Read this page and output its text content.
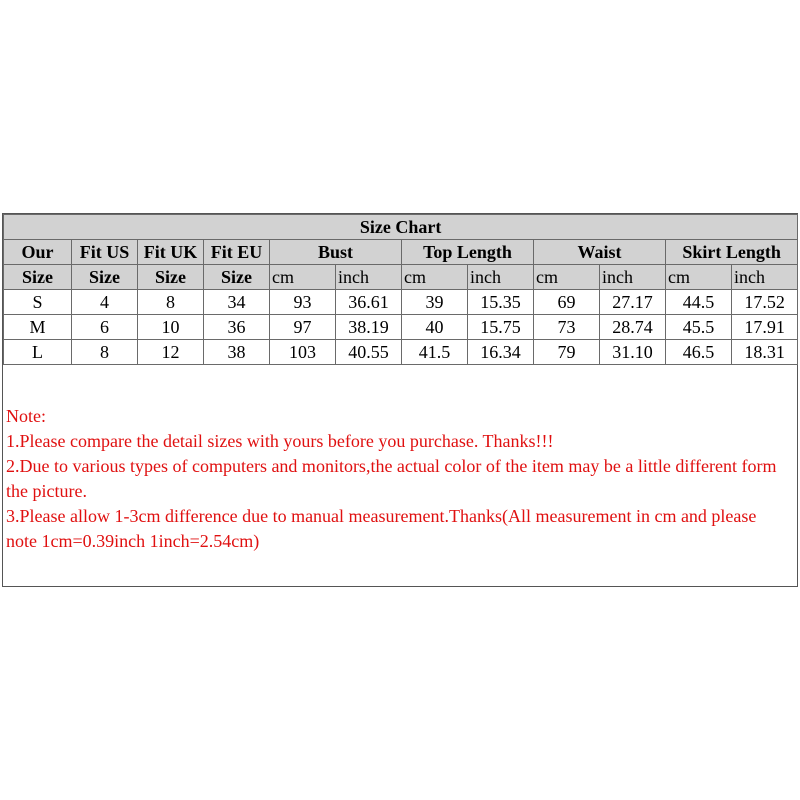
Size Chart											
Our	Fit US	Fit UK	Fit EU	Bust		Top Length		Waist		Skirt Length	
Size	Size	Size	Size	cm	inch	cm	inch	cm	inch	cm	inch
S	4	8	34	93	36.61	39	15.35	69	27.17	44.5	17.52
M	6	10	36	97	38.19	40	15.75	73	28.74	45.5	17.91
L	8	12	38	103	40.55	41.5	16.34	79	31.10	46.5	18.31

Note:

1.Please compare the detail sizes with yours before you purchase. Thanks!!!

2.Due to various types of computers and monitors,the actual color of the item may be a little different form the picture.

3.Please allow 1-3cm difference due to manual measurement.Thanks(All measurement in cm and please note 1cm=0.39inch 1inch=2.54cm)
